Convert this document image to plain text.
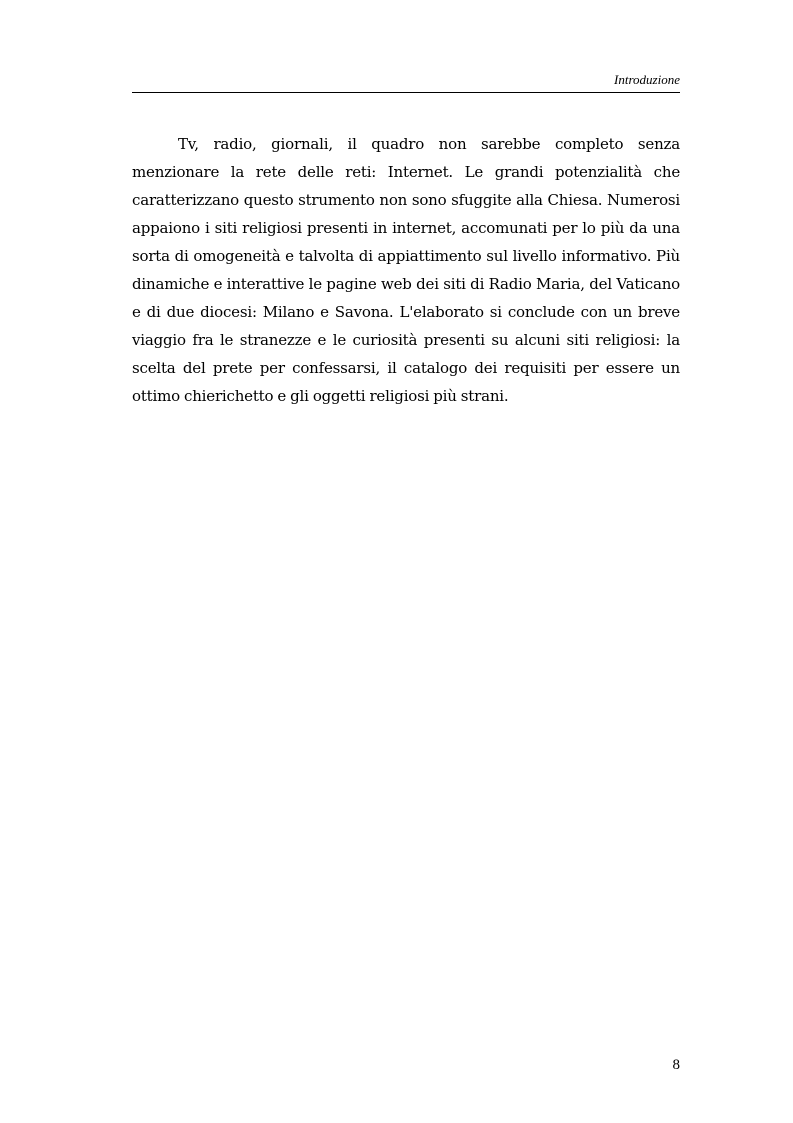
Introduzione

Tv, radio, giornali, il quadro non sarebbe completo senza menzionare la rete delle reti: Internet. Le grandi potenzialità che caratterizzano questo strumento non sono sfuggite alla Chiesa. Numerosi appaiono i siti religiosi presenti in internet, accomunati per lo più da una sorta di omogeneità e talvolta di appiattimento sul livello informativo. Più dinamiche e interattive le pagine web dei siti di Radio Maria, del Vaticano e di due diocesi: Milano e Savona. L'elaborato si conclude con un breve viaggio fra le stranezze e le curiosità presenti su alcuni siti religiosi: la scelta del prete per confessarsi, il catalogo dei requisiti per essere un ottimo chierichetto e gli oggetti religiosi più strani.

8
